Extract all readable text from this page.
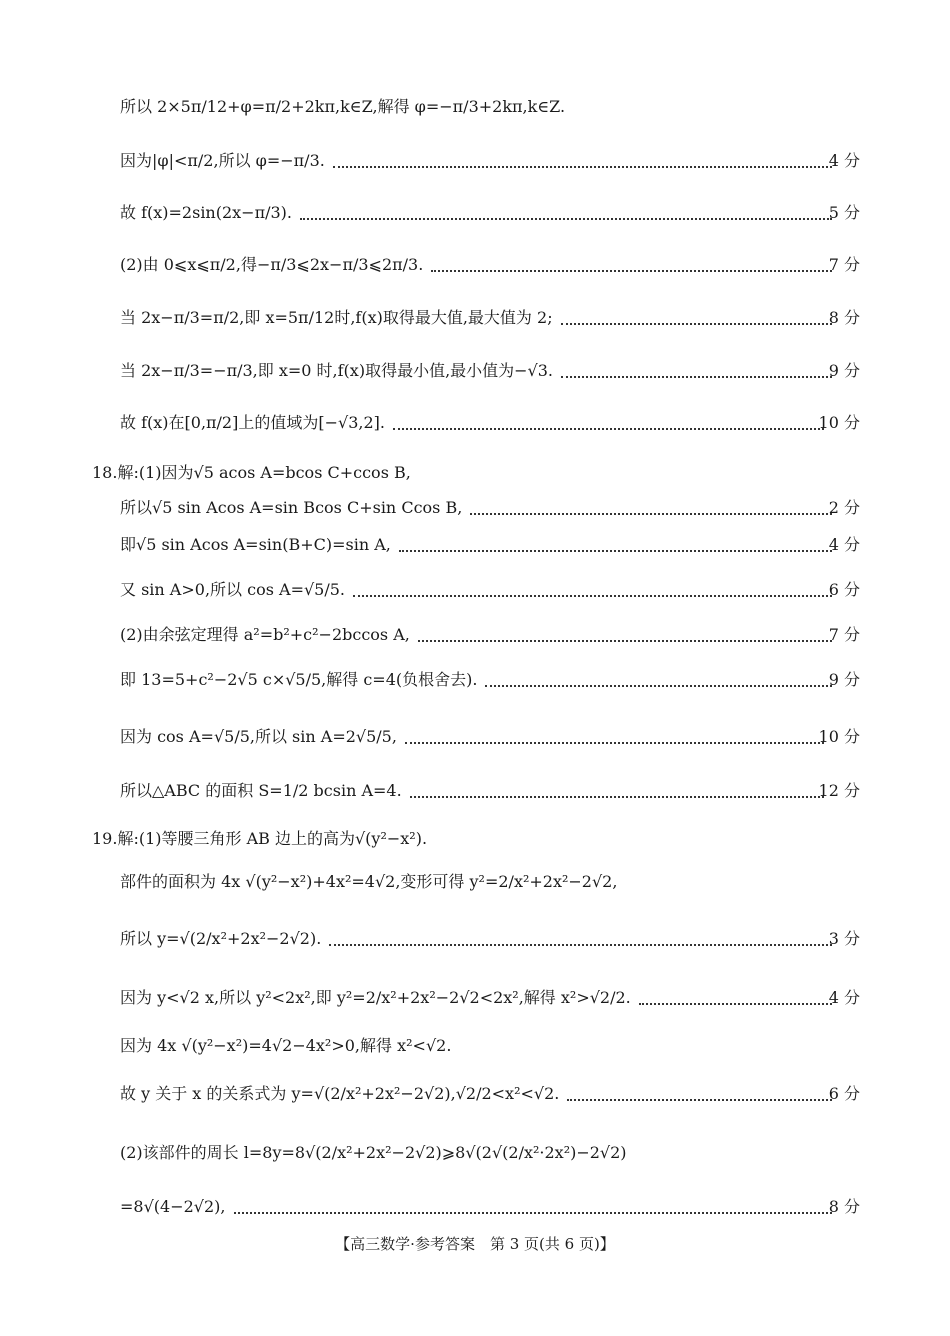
所以 2×5π/12+φ=π/2+2kπ,k∈Z,解得 φ=−π/3+2kπ,k∈Z.
因为|φ|<π/2,所以 φ=−π/3.	4 分
故 f(x)=2sin(2x−π/3).	5 分
(2)由 0⩽x⩽π/2,得−π/3⩽2x−π/3⩽2π/3.	7 分
当 2x−π/3=π/2,即 x=5π/12时,f(x)取得最大值,最大值为 2;	8 分
当 2x−π/3=−π/3,即 x=0 时,f(x)取得最小值,最小值为−√3.	9 分
故 f(x)在[0,π/2]上的值域为[−√3,2].	10 分
18.解:(1)因为√5 acos A=bcos C+ccos B,
所以√5 sin Acos A=sin Bcos C+sin Ccos B,	2 分
即√5 sin Acos A=sin(B+C)=sin A,	4 分
又 sin A>0,所以 cos A=√5/5.	6 分
(2)由余弦定理得 a²=b²+c²−2bccos A,	7 分
即 13=5+c²−2√5 c×√5/5,解得 c=4(负根舍去).	9 分
因为 cos A=√5/5,所以 sin A=2√5/5,	10 分
所以△ABC 的面积 S=1/2 bcsin A=4.	12 分
19.解:(1)等腰三角形 AB 边上的高为√(y²−x²).
部件的面积为 4x √(y²−x²)+4x²=4√2,变形可得 y²=2/x²+2x²−2√2,
所以 y=√(2/x²+2x²−2√2).	3 分
因为 y<√2 x,所以 y²<2x²,即 y²=2/x²+2x²−2√2<2x²,解得 x²>√2/2.	4 分
因为 4x √(y²−x²)=4√2−4x²>0,解得 x²<√2.
故 y 关于 x 的关系式为 y=√(2/x²+2x²−2√2),√2/2<x²<√2.	6 分
(2)该部件的周长 l=8y=8√(2/x²+2x²−2√2)⩾8√(2√(2/x²·2x²)−2√2)
=8√(4−2√2),	8 分
【高三数学·参考答案　第 3 页(共 6 页)】
